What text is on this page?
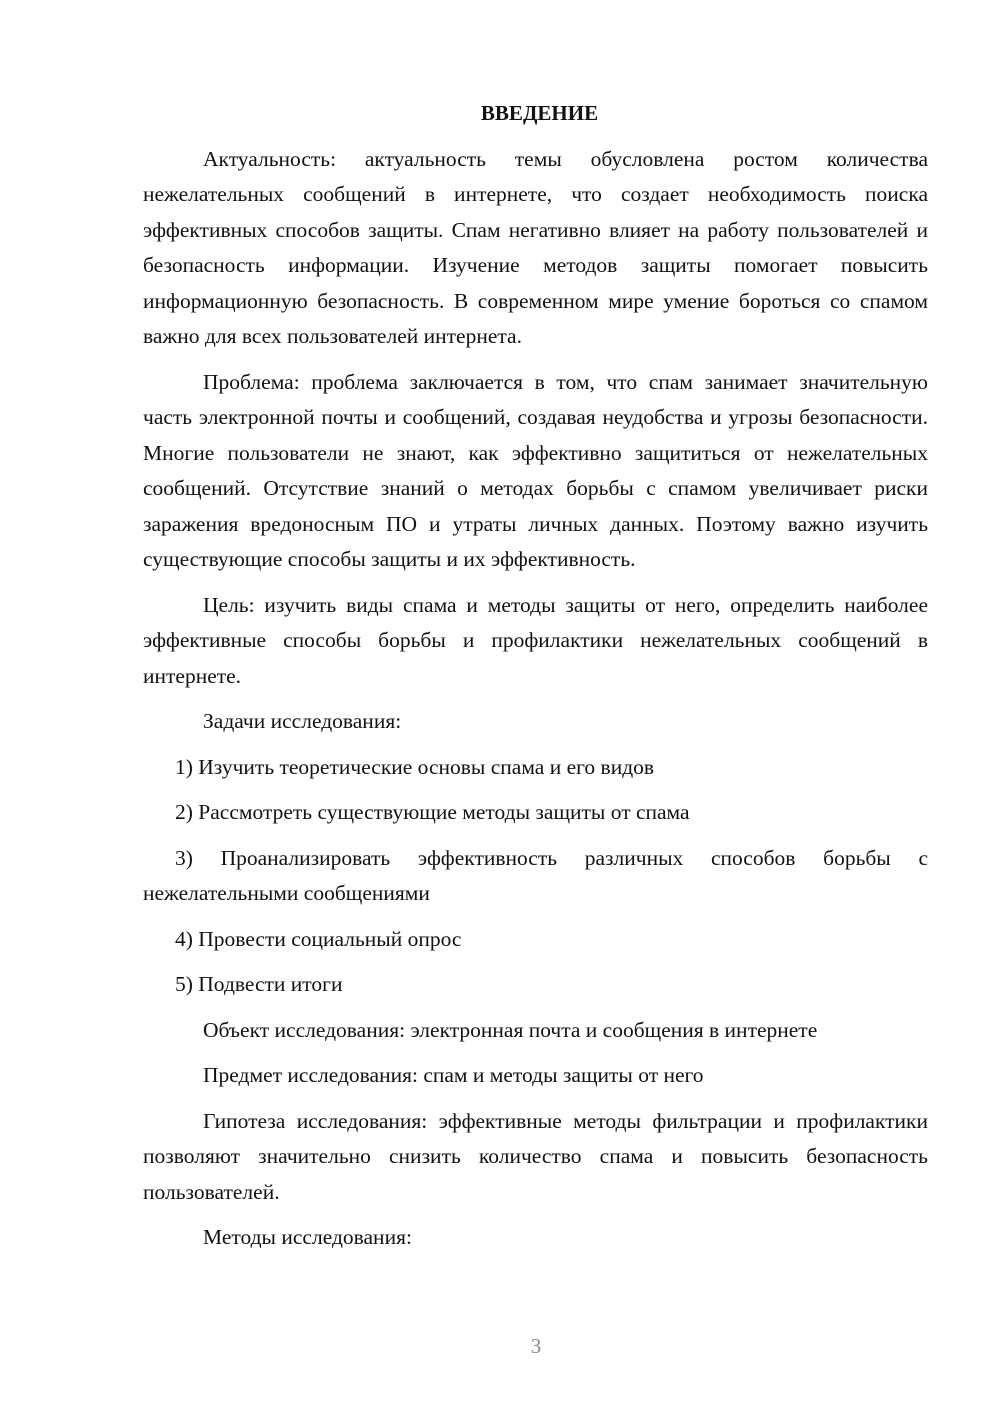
ВВЕДЕНИЕ

Актуальность: актуальность темы обусловлена ростом количества нежелательных сообщений в интернете, что создает необходимость поиска эффективных способов защиты. Спам негативно влияет на работу пользователей и безопасность информации. Изучение методов защиты помогает повысить информационную безопасность. В современном мире умение бороться со спамом важно для всех пользователей интернета.

Проблема: проблема заключается в том, что спам занимает значительную часть электронной почты и сообщений, создавая неудобства и угрозы безопасности. Многие пользователи не знают, как эффективно защититься от нежелательных сообщений. Отсутствие знаний о методах борьбы с спамом увеличивает риски заражения вредоносным ПО и утраты личных данных. Поэтому важно изучить существующие способы защиты и их эффективность.

Цель: изучить виды спама и методы защиты от него, определить наиболее эффективные способы борьбы и профилактики нежелательных сообщений в интернете.

Задачи исследования:

1) Изучить теоретические основы спама и его видов

2) Рассмотреть существующие методы защиты от спама

3) Проанализировать эффективность различных способов борьбы с нежелательными сообщениями

4) Провести социальный опрос

5) Подвести итоги

Объект исследования: электронная почта и сообщения в интернете

Предмет исследования: спам и методы защиты от него

Гипотеза исследования: эффективные методы фильтрации и профилактики позволяют значительно снизить количество спама и повысить безопасность пользователей.

Методы исследования:

3
